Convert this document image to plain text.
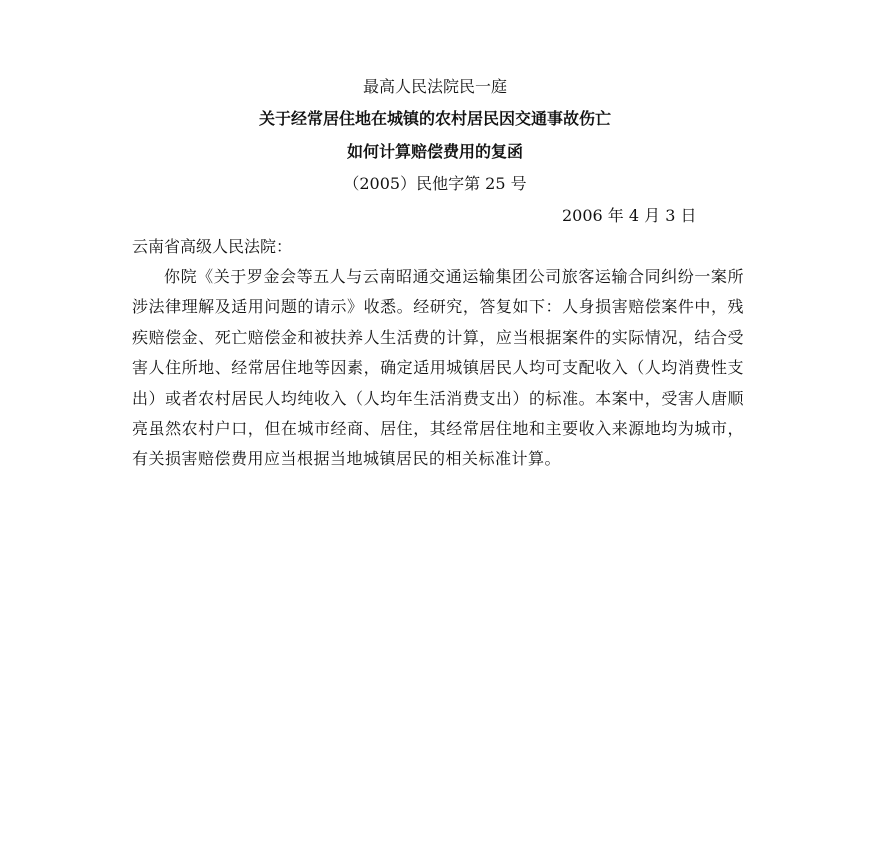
最高人民法院民一庭
关于经常居住地在城镇的农村居民因交通事故伤亡
如何计算赔偿费用的复函
（2005）民他字第 25 号
2006 年 4 月 3 日
云南省高级人民法院：
你院《关于罗金会等五人与云南昭通交通运输集团公司旅客运输合同纠纷一案所涉法律理解及适用问题的请示》收悉。经研究，答复如下：人身损害赔偿案件中，残疾赔偿金、死亡赔偿金和被扶养人生活费的计算，应当根据案件的实际情况，结合受害人住所地、经常居住地等因素，确定适用城镇居民人均可支配收入（人均消费性支出）或者农村居民人均纯收入（人均年生活消费支出）的标准。本案中，受害人唐顺亮虽然农村户口，但在城市经商、居住，其经常居住地和主要收入来源地均为城市，有关损害赔偿费用应当根据当地城镇居民的相关标准计算。
